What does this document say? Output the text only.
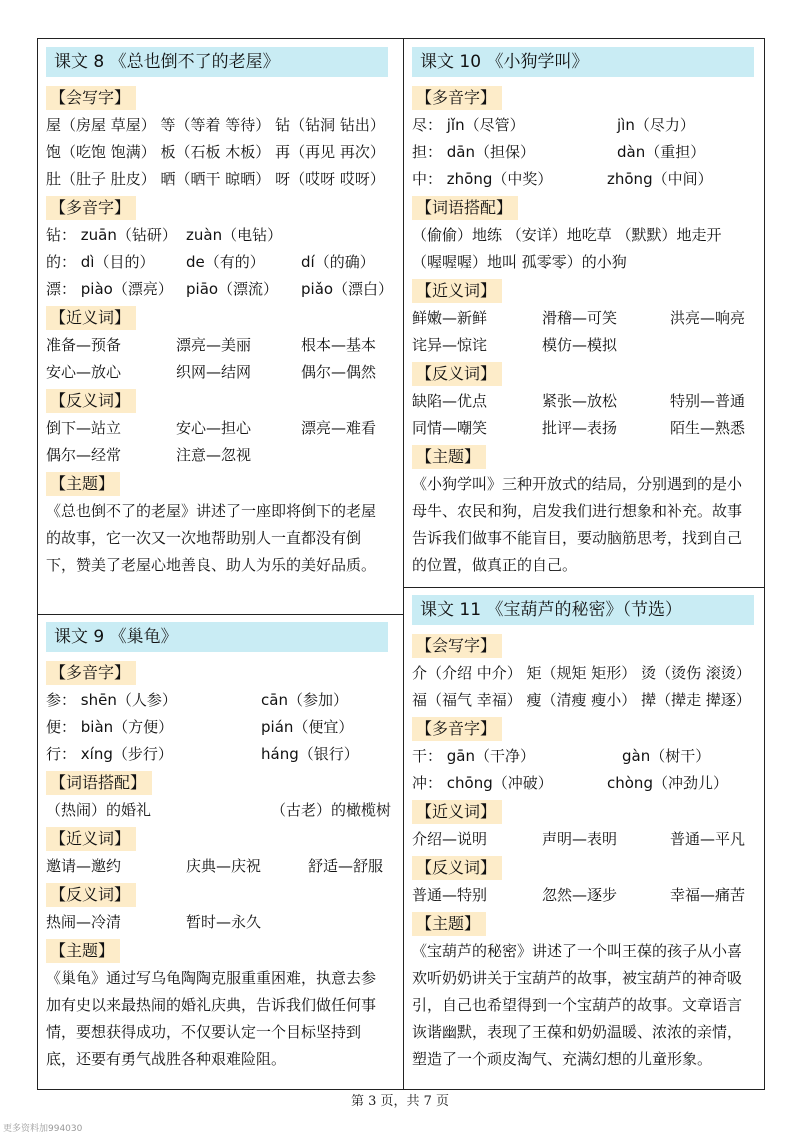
课文 8 《总也倒不了的老屋》
【会写字】
屋（房屋 草屋） 等（等着 等待） 钻（钻洞 钻出）
饱（吃饱 饱满） 板（石板 木板） 再（再见 再次）
肚（肚子 肚皮） 晒（晒干 晾晒） 呀（哎呀 哎呀）
【多音字】
钻： zuān（钻研） zuàn（电钻）
的： dì（目的） de（有的） dí（的确）
漂： piào（漂亮） piāo（漂流） piǎo（漂白）
【近义词】
准备—预备	漂亮—美丽	根本—基本
安心—放心	织网—结网	偶尔—偶然
【反义词】
倒下—站立	安心—担心	漂亮—难看
偶尔—经常	注意—忽视
【主题】
《总也倒不了的老屋》讲述了一座即将倒下的老屋的故事，它一次又一次地帮助别人一直都没有倒下，赞美了老屋心地善良、助人为乐的美好品质。
课文 9 《巢龟》
【多音字】
参： shēn（人参）	cān（参加）
便： biàn（方便）	pián（便宜）
行： xíng（步行）	háng（银行）
【词语搭配】
（热闹）的婚礼	（古老）的橄榄树
【近义词】
邀请—邀约	庆典—庆祝	舒适—舒服
【反义词】
热闹—冷清	暂时—永久
【主题】
《巢龟》通过写乌龟陶陶克服重重困难，执意去参加有史以来最热闹的婚礼庆典，告诉我们做任何事情，要想获得成功，不仅要认定一个目标坚持到底，还要有勇气战胜各种艰难险阻。
课文 10 《小狗学叫》
【多音字】
尽： jǐn（尽管）	jìn（尽力）
担： dān（担保）	dàn（重担）
中： zhōng（中奖）	zhōng（中间）
【词语搭配】
（偷偷）地练 （安详）地吃草 （默默）地走开
（喔喔喔）地叫 孤零零）的小狗
【近义词】
鲜嫩—新鲜	滑稽—可笑	洪亮—响亮
诧异—惊诧	模仿—模拟
【反义词】
缺陷—优点	紧张—放松	特别—普通
同情—嘲笑	批评—表扬	陌生—熟悉
【主题】
《小狗学叫》三种开放式的结局，分别遇到的是小母牛、农民和狗，启发我们进行想象和补充。故事告诉我们做事不能盲目，要动脑筋思考，找到自己的位置，做真正的自己。
课文 11 《宝葫芦的秘密》（节选）
【会写字】
介（介绍 中介） 矩（规矩 矩形） 烫（烫伤 滚烫）
福（福气 幸福） 瘦（清瘦 瘦小） 撵（撵走 撵逐）
【多音字】
干： gān（干净）	gàn（树干）
冲： chōng（冲破）	chòng（冲劲儿）
【近义词】
介绍—说明	声明—表明	普通—平凡
【反义词】
普通—特别	忽然—逐步	幸福—痛苦
【主题】
《宝葫芦的秘密》讲述了一个叫王葆的孩子从小喜欢听奶奶讲关于宝葫芦的故事，被宝葫芦的神奇吸引，自己也希望得到一个宝葫芦的故事。文章语言诙谐幽默，表现了王葆和奶奶温暖、浓浓的亲情，塑造了一个顽皮淘气、充满幻想的儿童形象。
第 3 页，共 7 页
更多资料加994030
